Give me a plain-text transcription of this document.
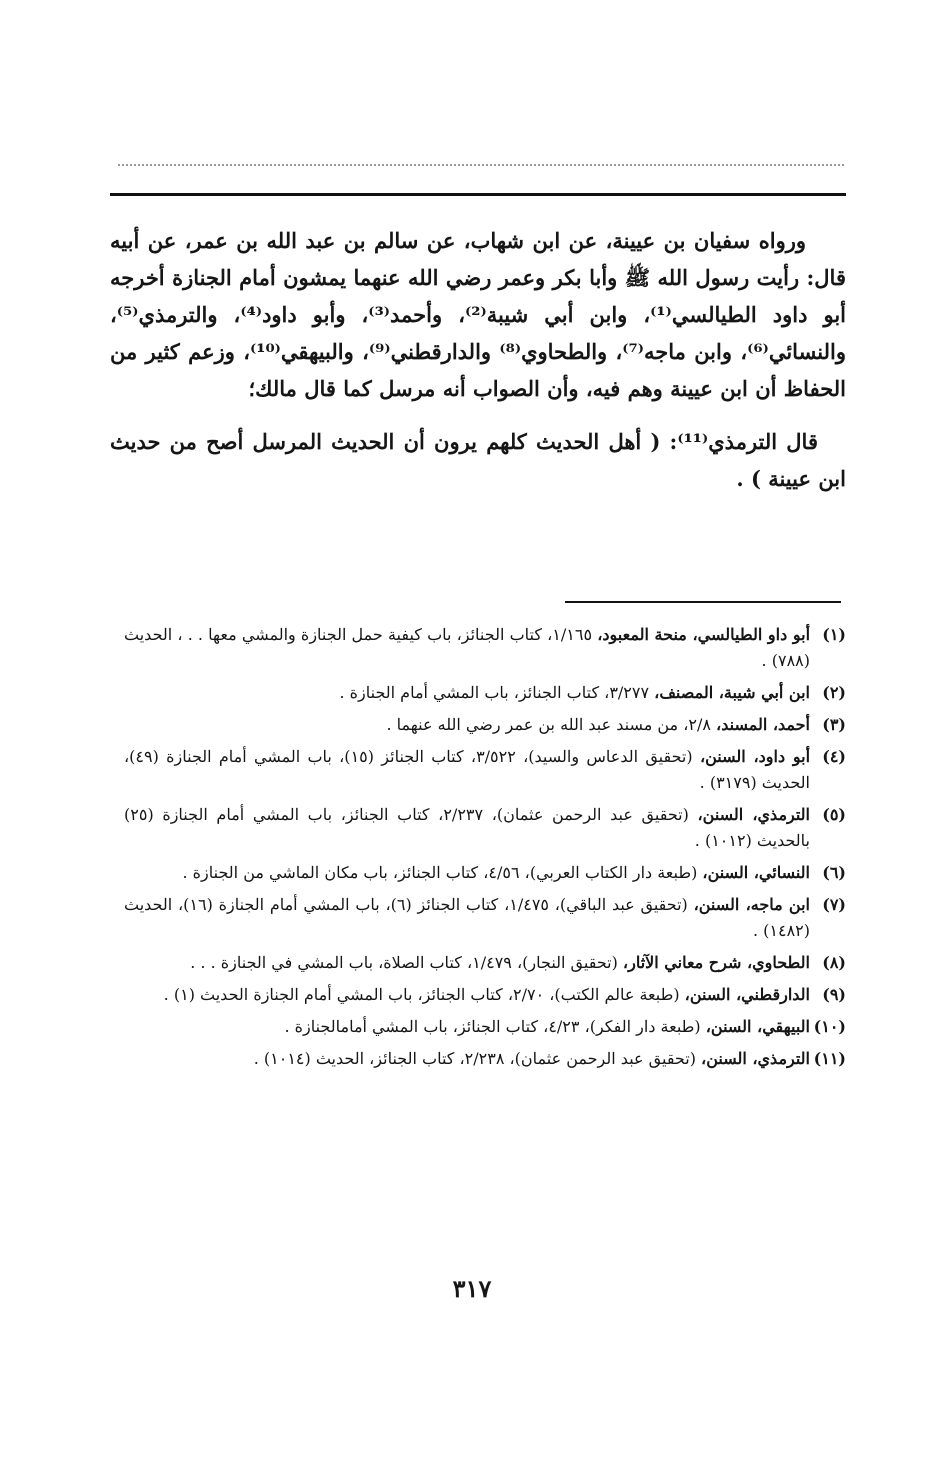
ورواه سفيان بن عيينة، عن ابن شهاب، عن سالم بن عبد الله بن عمر، عن أبيه قال: رأيت رسول الله ﷺ وأبا بكر وعمر رضي الله عنهما يمشون أمام الجنازة أخرجه أبو داود الطيالسي⁽¹⁾، وابن أبي شيبة⁽²⁾، وأحمد⁽³⁾، وأبو داود⁽⁴⁾، والترمذي⁽⁵⁾، والنسائي⁽⁶⁾، وابن ماجه⁽⁷⁾، والطحاوي⁽⁸⁾ والدارقطني⁽⁹⁾، والبيهقي⁽¹⁰⁾، وزعم كثير من الحفاظ أن ابن عيينة وهم فيه، وأن الصواب أنه مرسل كما قال مالك؛

قال الترمذي⁽¹¹⁾: ( أهل الحديث كلهم يرون أن الحديث المرسل أصح من حديث ابن عيينة ) .

(١)
أبو داو الطيالسي، منحة المعبود، ١/١٦٥، كتاب الجنائز، باب كيفية حمل الجنازة والمشي معها . . ، الحديث (٧٨٨) .

(٢)
ابن أبي شيبة، المصنف، ٣/٢٧٧، كتاب الجنائز، باب المشي أمام الجنازة .

(٣)
أحمد، المسند، ٢/٨، من مسند عبد الله بن عمر رضي الله عنهما .

(٤)
أبو داود، السنن، (تحقيق الدعاس والسيد)، ٣/٥٢٢، كتاب الجنائز (١٥)، باب المشي أمام الجنازة (٤٩)، الحديث (٣١٧٩) .

(٥)
الترمذي، السنن، (تحقيق عبد الرحمن عثمان)، ٢/٢٣٧، كتاب الجنائز، باب المشي أمام الجنازة (٢٥) بالحديث (١٠١٢) .

(٦)
النسائي، السنن، (طبعة دار الكتاب العربي)، ٤/٥٦، كتاب الجنائز، باب مكان الماشي من الجنازة .

(٧)
ابن ماجه، السنن، (تحقيق عبد الباقي)، ١/٤٧٥، كتاب الجنائز (٦)، باب المشي أمام الجنازة (١٦)، الحديث (١٤٨٢) .

(٨)
الطحاوي، شرح معاني الآثار، (تحقيق النجار)، ١/٤٧٩، كتاب الصلاة، باب المشي في الجنازة . . .

(٩)
الدارقطني، السنن، (طبعة عالم الكتب)، ٢/٧٠، كتاب الجنائز، باب المشي أمام الجنازة الحديث (١) .

(١٠)
البيهقي، السنن، (طبعة دار الفكر)، ٤/٢٣، كتاب الجنائز، باب المشي أمامالجنازة .

(١١)
الترمذي، السنن، (تحقيق عبد الرحمن عثمان)، ٢/٢٣٨، كتاب الجنائز، الحديث (١٠١٤) .

٣١٧
